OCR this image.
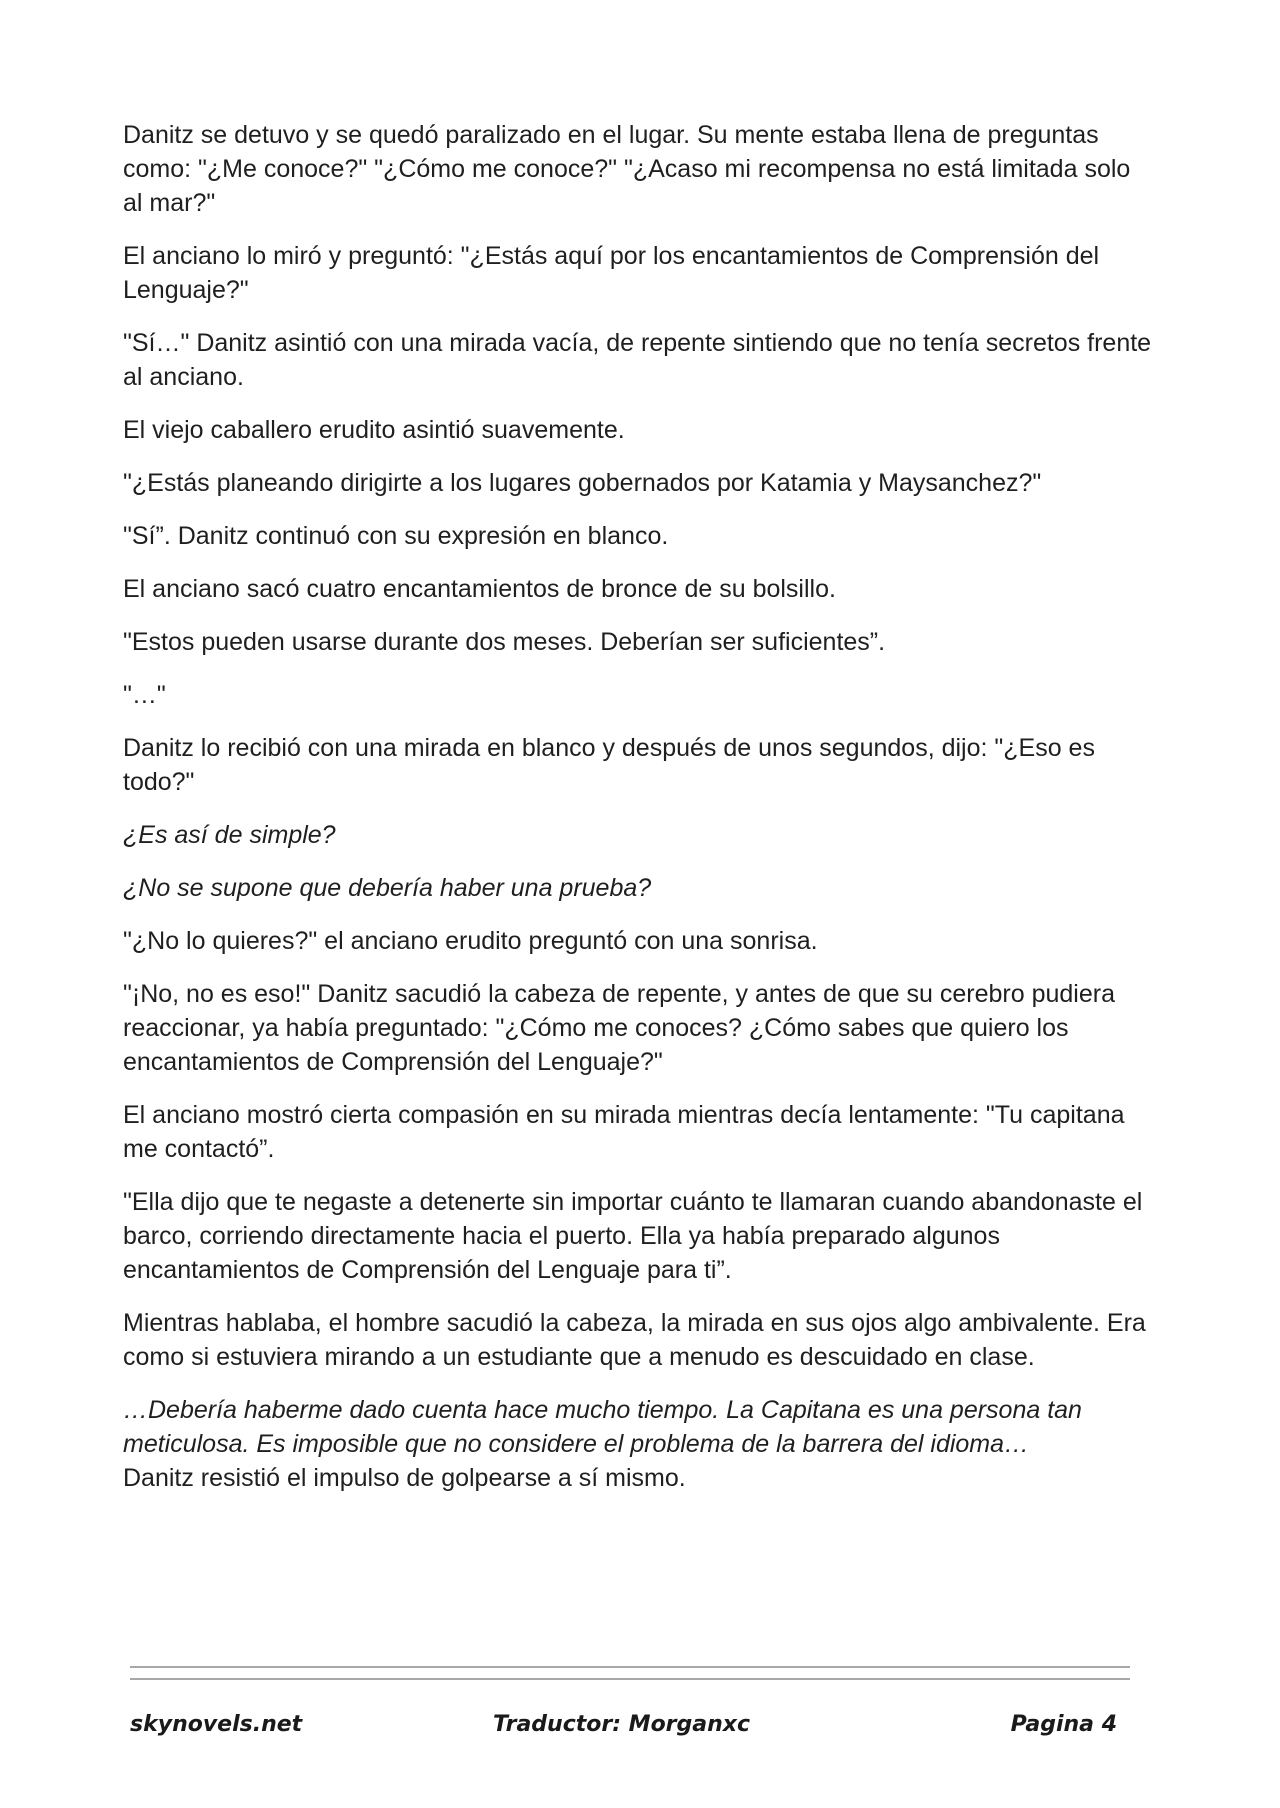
Danitz se detuvo y se quedó paralizado en el lugar. Su mente estaba llena de preguntas como: "¿Me conoce?" "¿Cómo me conoce?" "¿Acaso mi recompensa no está limitada solo al mar?"

El anciano lo miró y preguntó: "¿Estás aquí por los encantamientos de Comprensión del Lenguaje?"

"Sí…" Danitz asintió con una mirada vacía, de repente sintiendo que no tenía secretos frente al anciano.

El viejo caballero erudito asintió suavemente.

"¿Estás planeando dirigirte a los lugares gobernados por Katamia y Maysanchez?"

"Sí”. Danitz continuó con su expresión en blanco.

El anciano sacó cuatro encantamientos de bronce de su bolsillo.

"Estos pueden usarse durante dos meses. Deberían ser suficientes”.

"…"

Danitz lo recibió con una mirada en blanco y después de unos segundos, dijo: "¿Eso es todo?"

¿Es así de simple?

¿No se supone que debería haber una prueba?

"¿No lo quieres?" el anciano erudito preguntó con una sonrisa.

"¡No, no es eso!" Danitz sacudió la cabeza de repente, y antes de que su cerebro pudiera reaccionar, ya había preguntado: "¿Cómo me conoces? ¿Cómo sabes que quiero los encantamientos de Comprensión del Lenguaje?"

El anciano mostró cierta compasión en su mirada mientras decía lentamente: "Tu capitana me contactó”.

"Ella dijo que te negaste a detenerte sin importar cuánto te llamaran cuando abandonaste el barco, corriendo directamente hacia el puerto. Ella ya había preparado algunos encantamientos de Comprensión del Lenguaje para ti”.

Mientras hablaba, el hombre sacudió la cabeza, la mirada en sus ojos algo ambivalente. Era como si estuviera mirando a un estudiante que a menudo es descuidado en clase.

…Debería haberme dado cuenta hace mucho tiempo. La Capitana es una persona tan meticulosa. Es imposible que no considere el problema de la barrera del idioma…

Danitz resistió el impulso de golpearse a sí mismo.

skynovels.net	Traductor: Morganxc	Pagina 4
